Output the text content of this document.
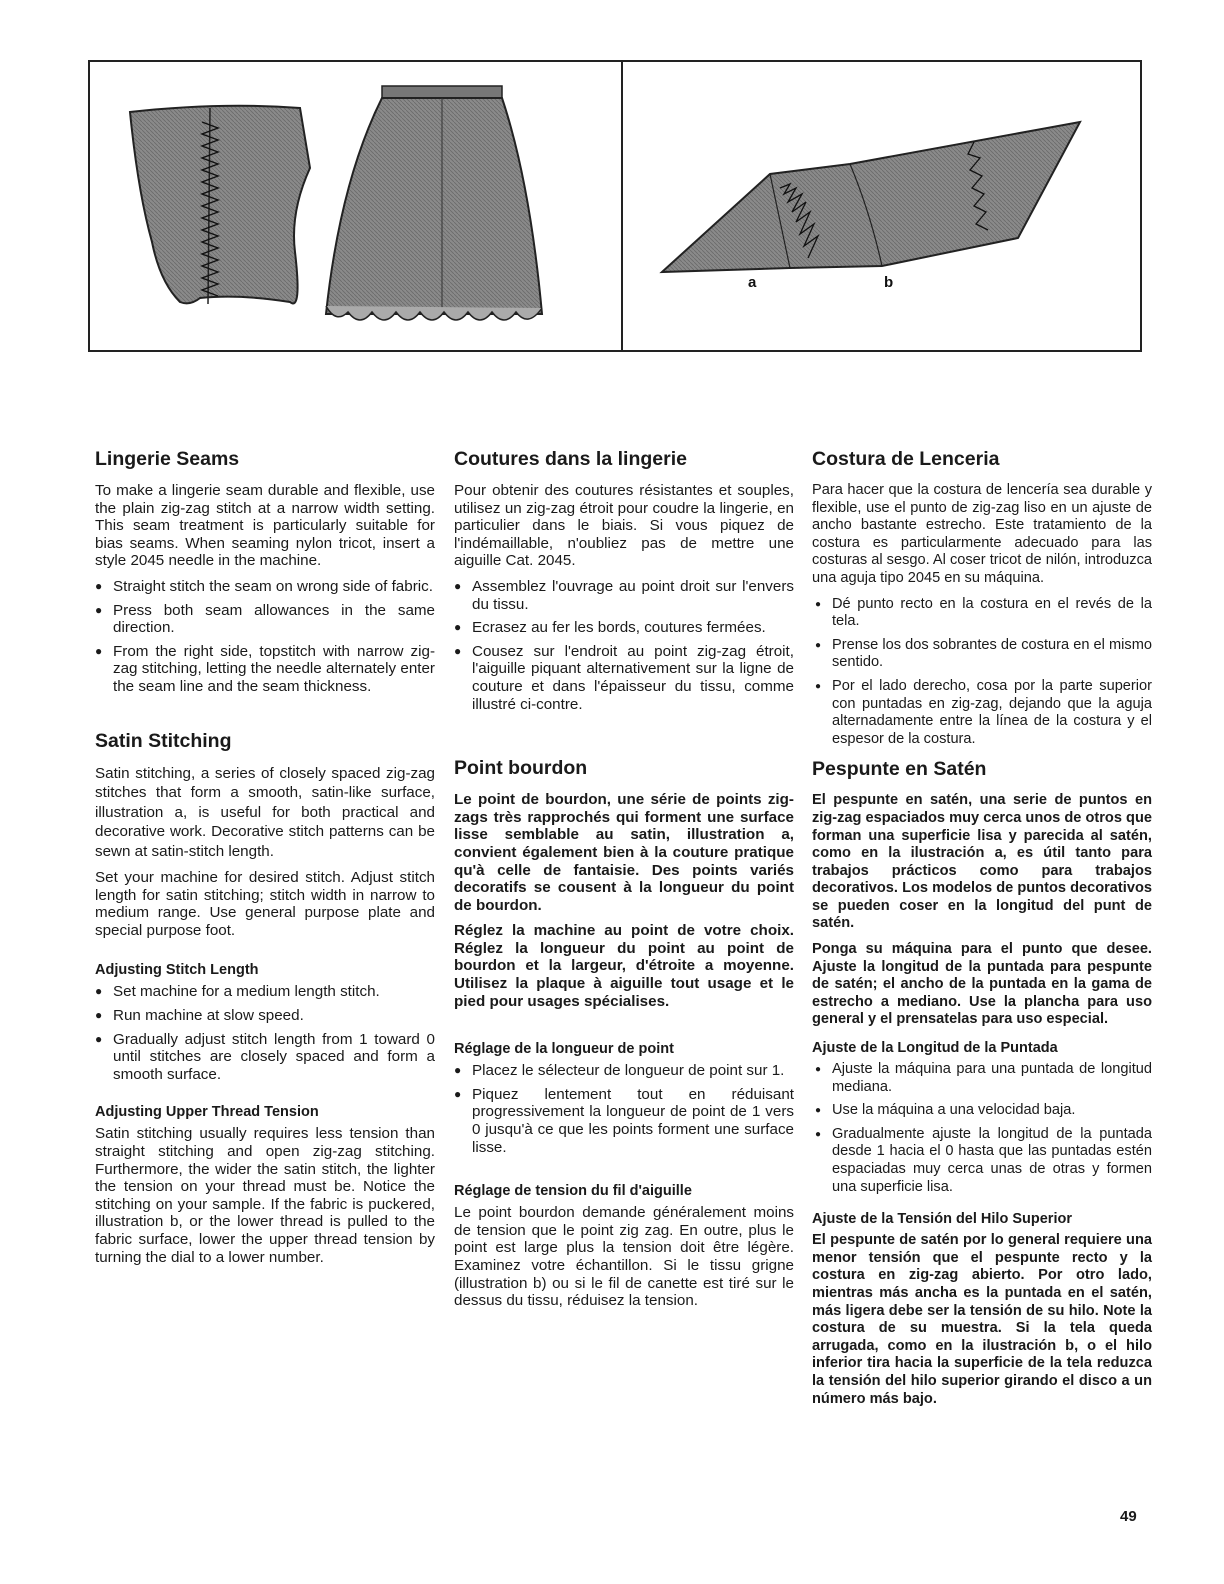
a	b
Lingerie Seams

To make a lingerie seam durable and flexible, use the plain zig-zag stitch at a narrow width setting. This seam treatment is particularly suitable for bias seams. When seaming nylon tricot, insert a style 2045 needle in the machine.

● Straight stitch the seam on wrong side of fabric.
● Press both seam allowances in the same direction.
● From the right side, topstitch with narrow zig-zag stitching, letting the needle alternately enter the seam line and the seam thickness.
Satin Stitching

Satin stitching, a series of closely spaced zig-zag stitches that form a smooth, satin-like surface, illustration a, is useful for both practical and decorative work. Decorative stitch patterns can be sewn at satin-stitch length.

Set your machine for desired stitch. Adjust stitch length for satin stitching; stitch width in narrow to medium range. Use general purpose plate and special purpose foot.

Adjusting Stitch Length
● Set machine for a medium length stitch.
● Run machine at slow speed.
● Gradually adjust stitch length from 1 toward 0 until stitches are closely spaced and form a smooth surface.
Adjusting Upper Thread Tension

Satin stitching usually requires less tension than straight stitching and open zig-zag stitching. Furthermore, the wider the satin stitch, the lighter the tension on your thread must be. Notice the stitching on your sample. If the fabric is puckered, illustration b, or the lower thread is pulled to the fabric surface, lower the upper thread tension by turning the dial to a lower number.

Coutures dans la lingerie

Pour obtenir des coutures résistantes et souples, utilisez un zig-zag étroit pour coudre la lingerie, en particulier dans le biais. Si vous piquez de l'indémaillable, n'oubliez pas de mettre une aiguille Cat. 2045.

● Assemblez l'ouvrage au point droit sur l'envers du tissu.
● Ecrasez au fer les bords, coutures fermées.
● Cousez sur l'endroit au point zig-zag étroit, l'aiguille piquant alternativement sur la ligne de couture et dans l'épaisseur du tissu, comme illustré ci-contre.
Point bourdon

Le point de bourdon, une série de points zig-zags très rapprochés qui forment une surface lisse semblable au satin, illustration a, convient également bien à la couture pratique qu'à celle de fantaisie. Des points variés decoratifs se cousent à la longueur du point de bourdon.

Réglez la machine au point de votre choix. Réglez la longueur du point au point de bourdon et la largeur, d'étroite a moyenne. Utilisez la plaque à aiguille tout usage et le pied pour usages spécialises.

Réglage de la longueur de point
● Placez le sélecteur de longueur de point sur 1.
● Piquez lentement tout en réduisant progressivement la longueur de point de 1 vers 0 jusqu'à ce que les points forment une surface lisse.
Réglage de tension du fil d'aiguille

Le point bourdon demande généralement moins de tension que le point zig zag. En outre, plus le point est large plus la tension doit être légère. Examinez votre échantillon. Si le tissu grigne (illustration b) ou si le fil de canette est tiré sur le dessus du tissu, réduisez la tension.

Costura de Lenceria

Para hacer que la costura de lencería sea durable y flexible, use el punto de zig-zag liso en un ajuste de ancho bastante estrecho. Este tratamiento de la costura es particularmente adecuado para las costuras al sesgo. Al coser tricot de nilón, introduzca una aguja tipo 2045 en su máquina.

● Dé punto recto en la costura en el revés de la tela.
● Prense los dos sobrantes de costura en el mismo sentido.
● Por el lado derecho, cosa por la parte superior con puntadas en zig-zag, dejando que la aguja alternadamente entre la línea de la costura y el espesor de la costura.
Pespunte en Satén

El pespunte en satén, una serie de puntos en zig-zag espaciados muy cerca unos de otros que forman una superficie lisa y parecida al satén, como en la ilustración a, es útil tanto para trabajos prácticos como para trabajos decorativos. Los modelos de puntos decorativos se pueden coser en la longitud del punt de satén.

Ponga su máquina para el punto que desee. Ajuste la longitud de la puntada para pespunte de satén; el ancho de la puntada en la gama de estrecho a mediano. Use la plancha para uso general y el prensatelas para uso especial.

Ajuste de la Longitud de la Puntada
● Ajuste la máquina para una puntada de longitud mediana.
● Use la máquina a una velocidad baja.
● Gradualmente ajuste la longitud de la puntada desde 1 hacia el 0 hasta que las puntadas estén espaciadas muy cerca unas de otras y formen una superficie lisa.
Ajuste de la Tensión del Hilo Superior

El pespunte de satén por lo general requiere una menor tensión que el pespunte recto y la costura en zig-zag abierto. Por otro lado, mientras más ancha es la puntada en el satén, más ligera debe ser la tensión de su hilo. Note la costura de su muestra. Si la tela queda arrugada, como en la ilustración b, o el hilo inferior tira hacia la superficie de la tela reduzca la tensión del hilo superior girando el disco a un número más bajo.

49
